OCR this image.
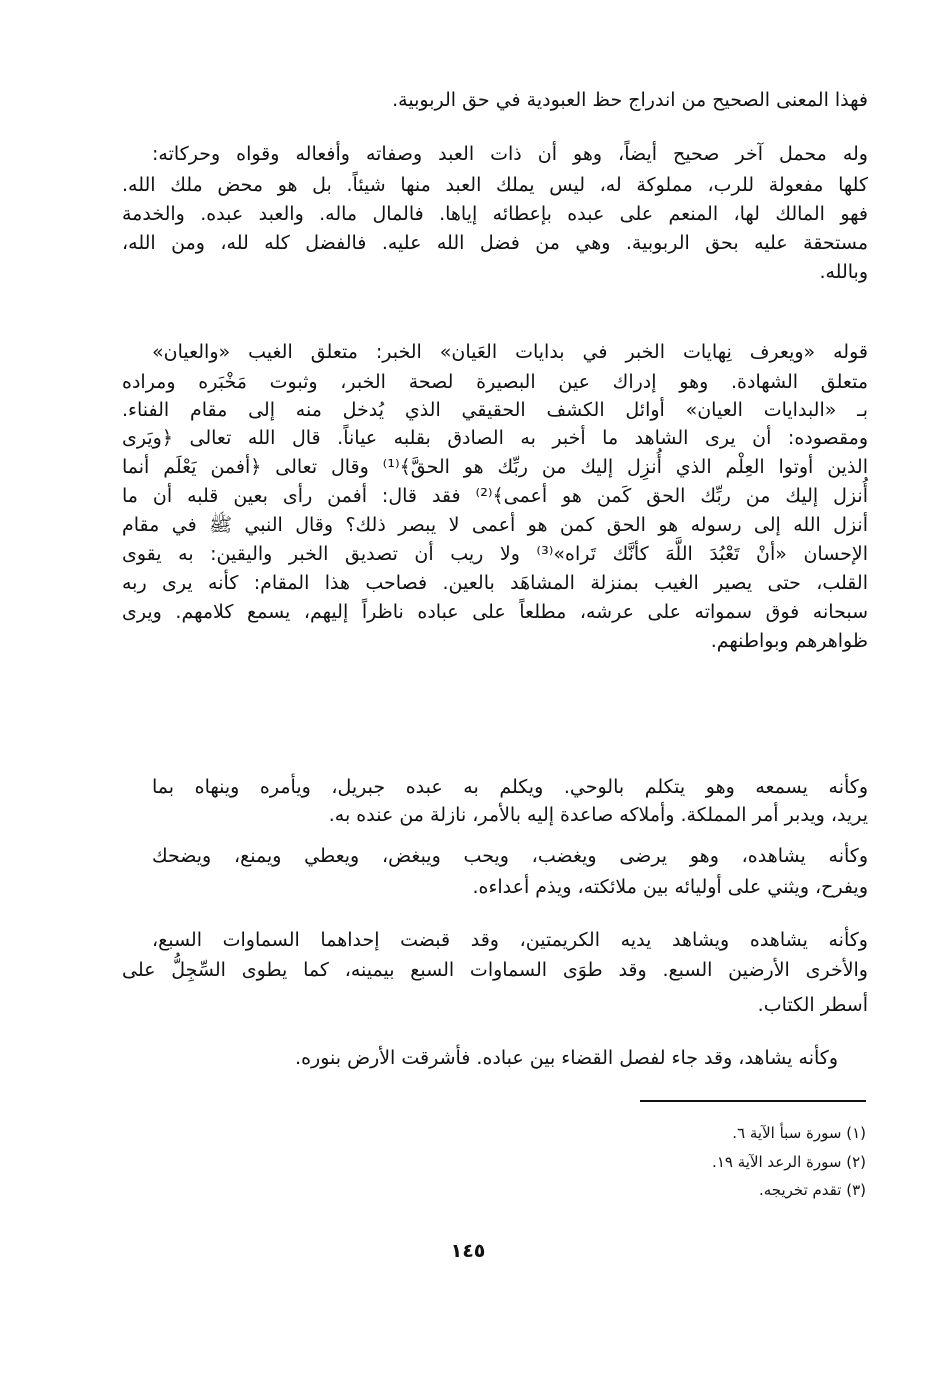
فهذا المعنى الصحيح من اندراج حظ العبودية في حق الربوبية.
وله محمل آخر صحيح أيضاً، وهو أن ذات العبد وصفاته وأفعاله وقواه وحركاته:
كلها مفعولة للرب، مملوكة له، ليس يملك العبد منها شيئاً. بل هو محض ملك الله.
فهو المالك لها، المنعم على عبده بإعطائه إياها. فالمال ماله. والعبد عبده. والخدمة
مستحقة عليه بحق الربوبية. وهي من فضل الله عليه. فالفضل كله لله، ومن الله،
وبالله.
قوله «ويعرف نِهايات الخبر في بدايات العَيان» الخبر: متعلق الغيب «والعيان»
متعلق الشهادة. وهو إدراك عين البصيرة لصحة الخبر، وثبوت مَخْبَره ومراده
بـ «البدايات العيان» أوائل الكشف الحقيقي الذي يُدخل منه إلى مقام الفناء.
ومقصوده: أن يرى الشاهد ما أخبر به الصادق بقلبه عياناً. قال الله تعالى ﴿ويَرى
الذين أوتوا العِلْم الذي أُنزِل إليك من ربِّك هو الحقَّ﴾⁽¹⁾ وقال تعالى ﴿أفمن يَعْلَم أنما
أُنزل إليك من ربِّك الحق كَمن هو أعمى﴾⁽²⁾ فقد قال: أفمن رأى بعين قلبه أن ما
أنزل الله إلى رسوله هو الحق كمن هو أعمى لا يبصر ذلك؟ وقال النبي ﷺ في مقام
الإحسان «أنْ تَعْبُدَ اللَّهَ كأنَّك تَراه»⁽³⁾ ولا ريب أن تصديق الخبر واليقين: به يقوى
القلب، حتى يصير الغيب بمنزلة المشاهَد بالعين. فصاحب هذا المقام: كأنه يرى ربه
سبحانه فوق سمواته على عرشه، مطلعاً على عباده ناظراً إليهم، يسمع كلامهم. ويرى
ظواهرهم وبواطنهم.
وكأنه يسمعه وهو يتكلم بالوحي. ويكلم به عبده جبريل، ويأمره وينهاه بما
يريد، ويدبر أمر المملكة. وأملاكه صاعدة إليه بالأمر، نازلة من عنده به.
وكأنه يشاهده، وهو يرضى ويغضب، ويحب ويبغض، ويعطي ويمنع، ويضحك
ويفرح، ويثني على أوليائه بين ملائكته، ويذم أعداءه.
وكأنه يشاهده ويشاهد يديه الكريمتين، وقد قبضت إحداهما السماوات السبع،
والأخرى الأرضين السبع. وقد طوَى السماوات السبع بيمينه، كما يطوى السِّجِلُّ على
أسطر الكتاب.
وكأنه يشاهد، وقد جاء لفصل القضاء بين عباده. فأشرقت الأرض بنوره.
(١) سورة سبأ الآية ٦.
(٢) سورة الرعد الآية ١٩.
(٣) تقدم تخريجه.
١٤٥
